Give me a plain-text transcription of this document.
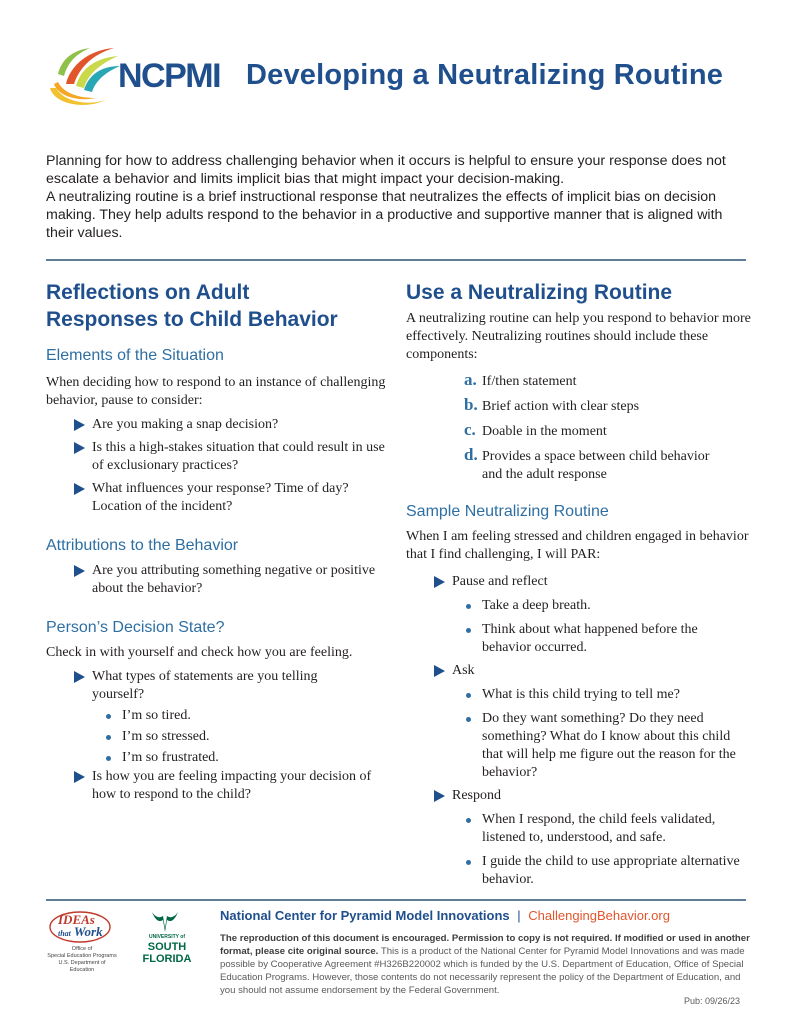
NCPMI Developing a Neutralizing Routine

Planning for how to address challenging behavior when it occurs is helpful to ensure your response does not escalate a behavior and limits implicit bias that might impact your decision-making.

A neutralizing routine is a brief instructional response that neutralizes the effects of implicit bias on decision making. They help adults respond to the behavior in a productive and supportive manner that is aligned with their values.

Reflections on Adult
Responses to Child Behavior
Elements of the Situation
When deciding how to respond to an instance of challenging behavior, pause to consider:
Are you making a snap decision?
Is this a high-stakes situation that could result in use of exclusionary practices?
What influences your response? Time of day? Location of the incident?
Attributions to the Behavior
Are you attributing something negative or positive about the behavior?
Person’s Decision State?
Check in with yourself and check how you are feeling.
What types of statements are you telling yourself?
I’m so tired.
I’m so stressed.
I’m so frustrated.
Is how you are feeling impacting your decision of how to respond to the child?
Use a Neutralizing Routine
A neutralizing routine can help you respond to behavior more effectively. Neutralizing routines should include these components:
a. If/then statement
b. Brief action with clear steps
c. Doable in the moment
d. Provides a space between child behavior and the adult response
Sample Neutralizing Routine
When I am feeling stressed and children engaged in behavior that I find challenging, I will PAR:
Pause and reflect
Take a deep breath.
Think about what happened before the behavior occurred.
Ask
What is this child trying to tell me?
Do they want something? Do they need something? What do I know about this child that will help me figure out the reason for the behavior?
Respond
When I respond, the child feels validated, listened to, understood, and safe.
I guide the child to use appropriate alternative behavior.
IDEAs
that Work
Office of
Special Education Programs
U.S. Department of Education
UNIVERSITY of
SOUTH
FLORIDA
National Center for Pyramid Model Innovations | ChallengingBehavior.org
The reproduction of this document is encouraged. Permission to copy is not required. If modified or used in another format, please cite original source. This is a product of the National Center for Pyramid Model Innovations and was made possible by Cooperative Agreement #H326B220002 which is funded by the U.S. Department of Education, Office of Special Education Programs. However, those contents do not necessarily represent the policy of the Department of Education, and you should not assume endorsement by the Federal Government.
Pub: 09/26/23
